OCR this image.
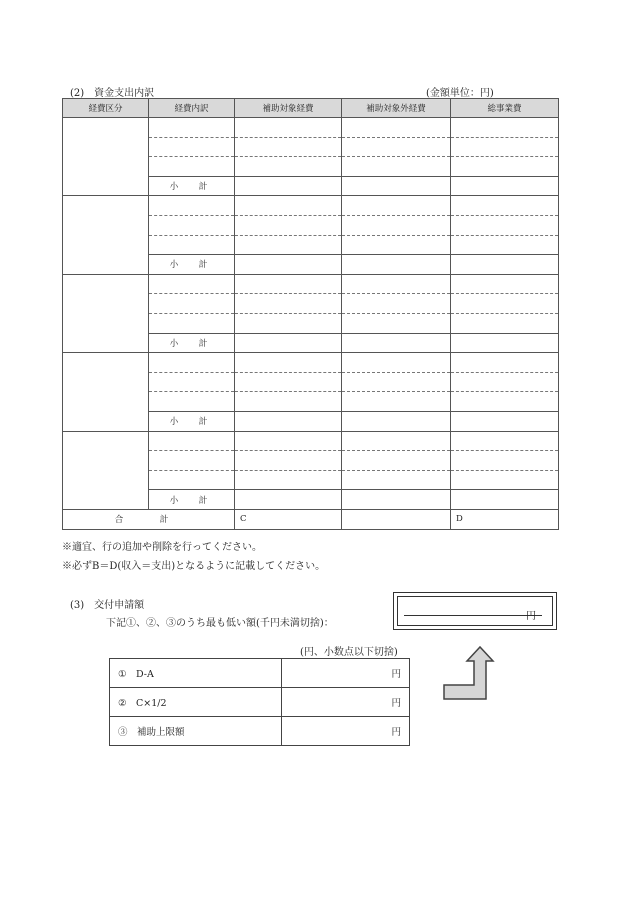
(2)　資金支出内訳	(金額単位：円)
経費区分	経費内訳	補助対象経費	補助対象外経費	総事業費

	小　計			

	小　計			

	小　計			

	小　計			

	小　計			
合　計		C		D
※適宜、行の追加や削除を行ってください。
※必ずB＝D(収入＝支出)となるように記載してください。
(3)　交付申請額
下記①、②、③のうち最も低い額(千円未満切捨)：
円
(円、小数点以下切捨)
①　D-A	円
②　C×1/2	円
③　補助上限額	円
